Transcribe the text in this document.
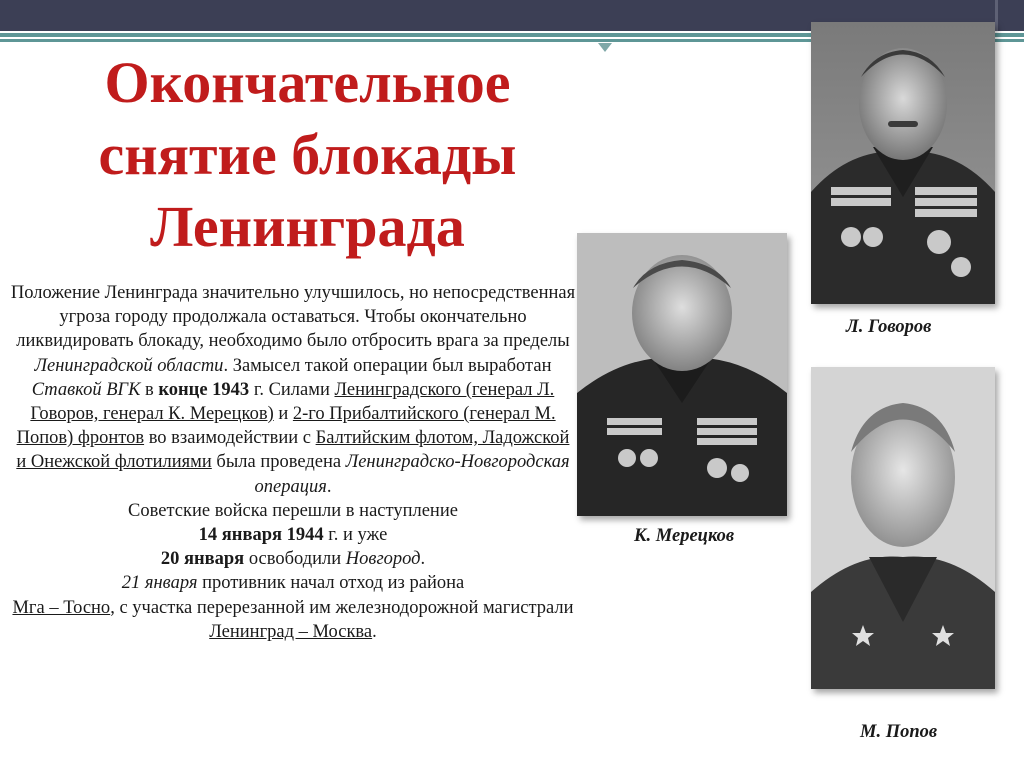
Окончательное
снятие блокады
Ленинграда
Положение Ленинграда значительно улучшилось, но непосредственная угроза городу продолжала оставаться. Чтобы окончательно ликвидировать блокаду, необходимо было отбросить врага за пределы Ленинградской области. Замысел такой операции был выработан Ставкой ВГК в конце 1943 г. Силами Ленинградского (генерал Л. Говоров, генерал К. Мерецков) и 2-го Прибалтийского (генерал М. Попов) фронтов во взаимодействии с Балтийским флотом, Ладожской и Онежской флотилиями была проведена Ленинградско-Новгородская операция.
Советские войска перешли в наступление
14 января 1944 г. и уже
20 января освободили Новгород.
21 января противник начал отход из района
Мга – Тосно, с участка перерезанной им железнодорожной магистрали
Ленинград – Москва.

Л. Говоров

К. Мерецков

М. Попов
